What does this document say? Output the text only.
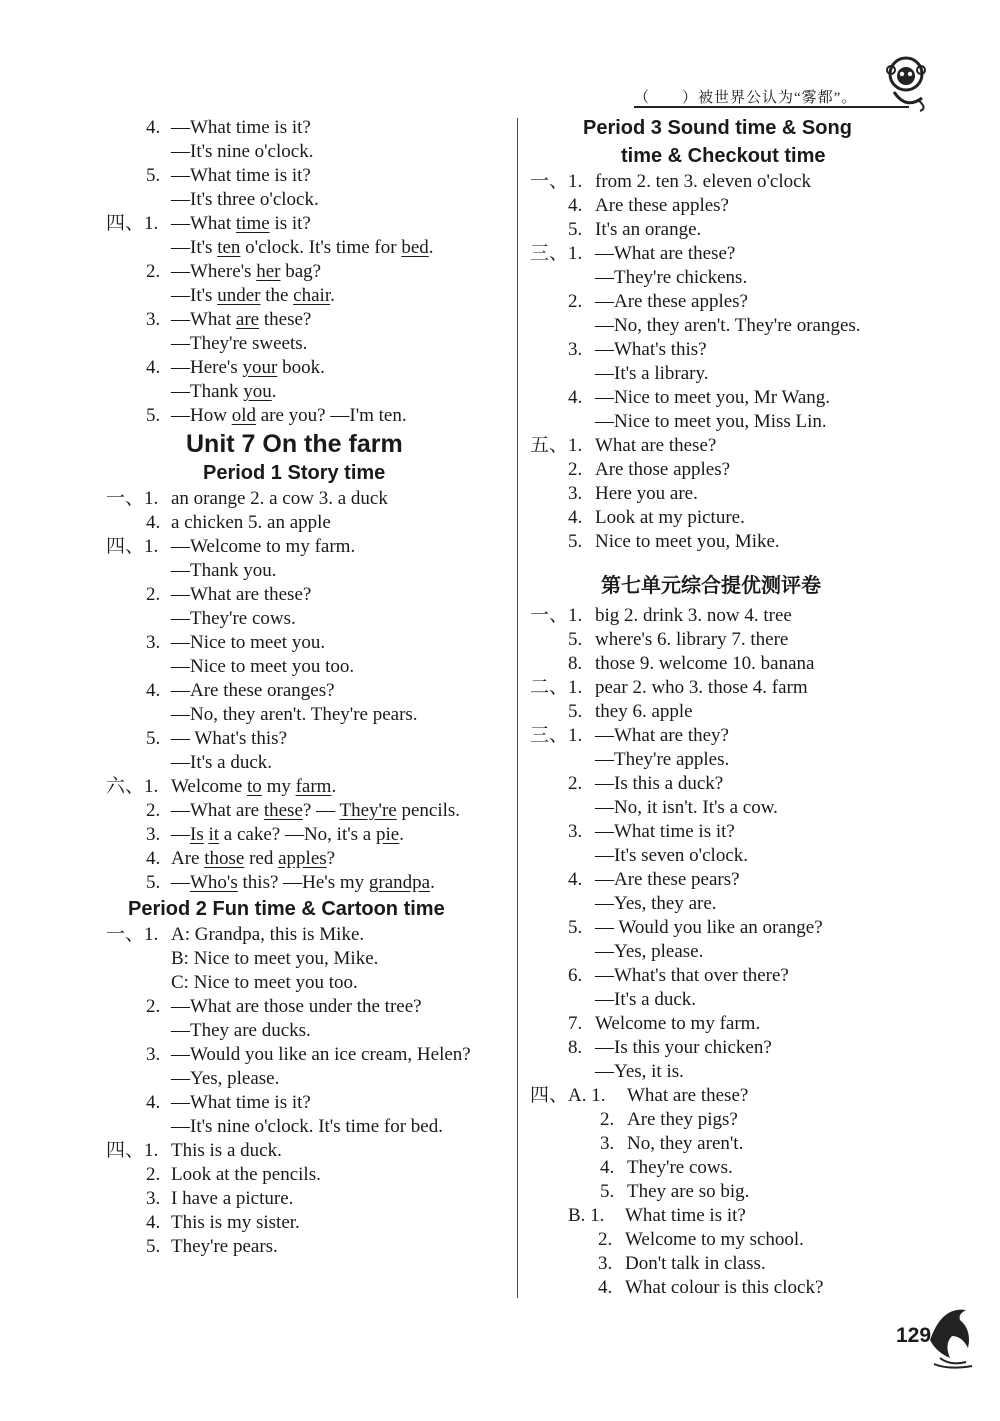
（　　）被世界公认为“雾都”。
Unit 7 On the farm
Period 1 Story time
Period 2 Fun time & Cartoon time
Period 3 Sound time & Song
time & Checkout time
第七单元综合提优测评卷
4. —What time is it?
—It's nine o'clock.
5. —What time is it?
—It's three o'clock.
四、1. —What time is it?
—It's ten o'clock. It's time for bed.
2. —Where's her bag?
—It's under the chair.
3. —What are these?
—They're sweets.
4. —Here's your book.
—Thank you.
5. —How old are you? —I'm ten.
一、1. an orange 2. a cow 3. a duck
4. a chicken 5. an apple
四、1. —Welcome to my farm.
—Thank you.
2. —What are these?
—They're cows.
3. —Nice to meet you.
—Nice to meet you too.
4. —Are these oranges?
—No, they aren't. They're pears.
5. — What's this?
—It's a duck.
六、1. Welcome to my farm.
2. —What are these? — They're pencils.
3. —Is it a cake? —No, it's a pie.
4. Are those red apples?
5. —Who's this? —He's my grandpa.
一、1. A: Grandpa, this is Mike.
B: Nice to meet you, Mike.
C: Nice to meet you too.
2. —What are those under the tree?
—They are ducks.
3. —Would you like an ice cream, Helen?
—Yes, please.
4. —What time is it?
—It's nine o'clock. It's time for bed.
四、1. This is a duck.
2. Look at the pencils.
3. I have a picture.
4. This is my sister.
5. They're pears.
一、1. from 2. ten 3. eleven o'clock
4. Are these apples?
5. It's an orange.
三、1. —What are these?
—They're chickens.
2. —Are these apples?
—No, they aren't. They're oranges.
3. —What's this?
—It's a library.
4. —Nice to meet you, Mr Wang.
—Nice to meet you, Miss Lin.
五、1. What are these?
2. Are those apples?
3. Here you are.
4. Look at my picture.
5. Nice to meet you, Mike.
一、1. big 2. drink 3. now 4. tree
5. where's 6. library 7. there
8. those 9. welcome 10. banana
二、1. pear 2. who 3. those 4. farm
5. they 6. apple
三、1. —What are they?
—They're apples.
2. —Is this a duck?
—No, it isn't. It's a cow.
3. —What time is it?
—It's seven o'clock.
4. —Are these pears?
—Yes, they are.
5. — Would you like an orange?
—Yes, please.
6. —What's that over there?
—It's a duck.
7. Welcome to my farm.
8. —Is this your chicken?
—Yes, it is.
四、A. 1. What are these?
2. Are they pigs?
3. No, they aren't.
4. They're cows.
5. They are so big.
B. 1. What time is it?
2. Welcome to my school.
3. Don't talk in class.
4. What colour is this clock?
129
